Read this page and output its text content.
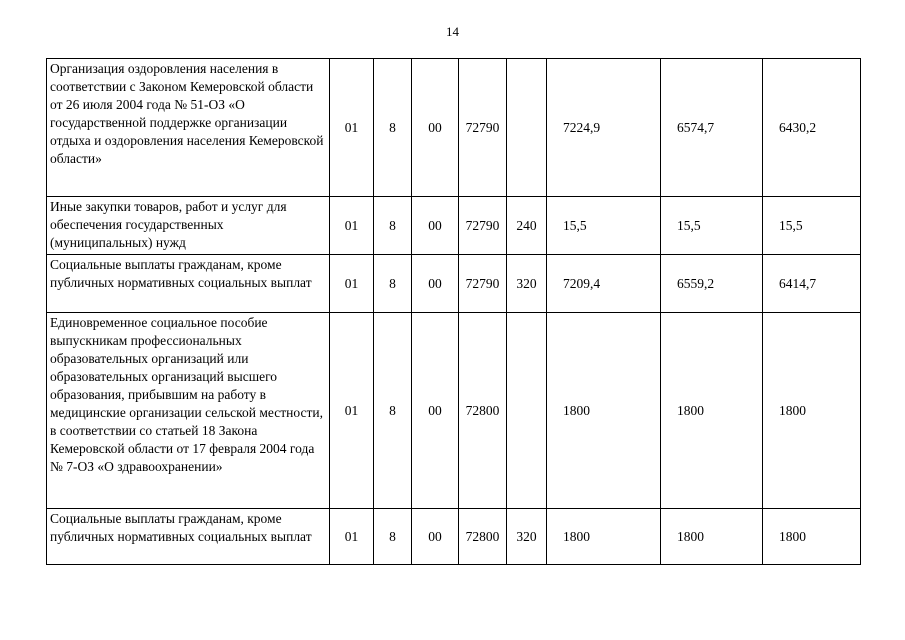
14
Организация оздоровления населения в соответствии с Законом Кемеровской области от 26 июля 2004 года № 51-ОЗ «О государственной поддержке организации отдыха и оздоровления населения Кемеровской области»	01	8	00	72790		7224,9	6574,7	6430,2
Иные закупки товаров, работ и услуг для обеспечения государственных (муниципальных) нужд	01	8	00	72790	240	15,5	15,5	15,5
Социальные выплаты гражданам, кроме публичных нормативных социальных выплат	01	8	00	72790	320	7209,4	6559,2	6414,7
Единовременное социальное пособие выпускникам профессиональных образовательных организаций или образовательных организаций высшего образования, прибывшим на работу в медицинские организации сельской местности, в соответствии со статьей 18 Закона Кемеровской области от 17 февраля 2004 года № 7-ОЗ «О здравоохранении»	01	8	00	72800		1800	1800	1800
Социальные выплаты гражданам, кроме публичных нормативных социальных выплат	01	8	00	72800	320	1800	1800	1800
